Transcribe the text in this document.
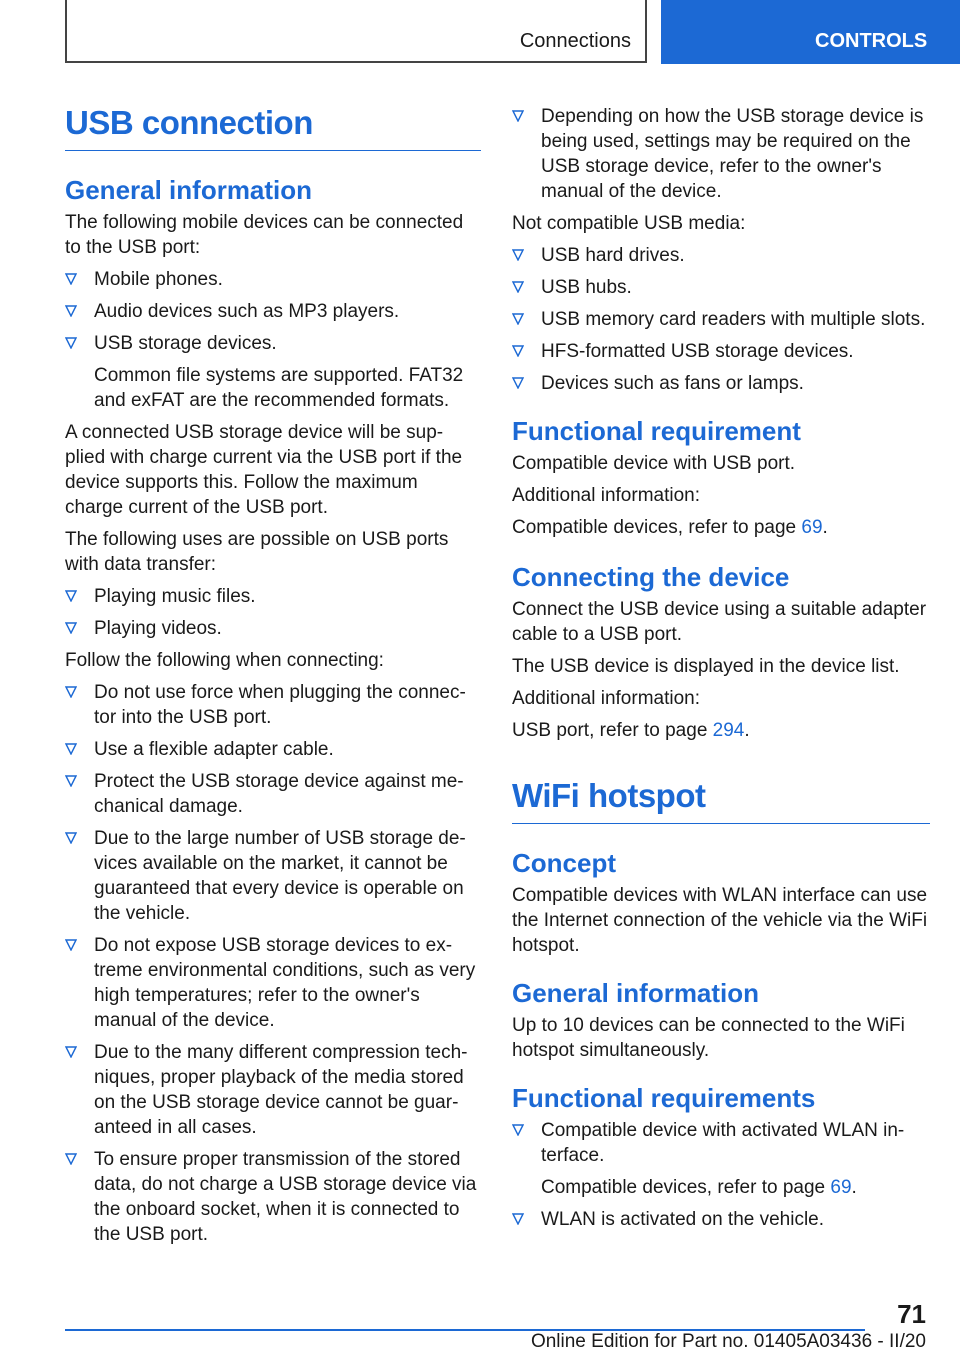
Connections	CONTROLS
USB connection
General information

The following mobile devices can be connected to the USB port:

Mobile phones.
Audio devices such as MP3 players.
USB storage devices.
Common file systems are supported. FAT32 and exFAT are the recommended formats.

A connected USB storage device will be sup‐ plied with charge current via the USB port if the device supports this. Follow the maximum charge current of the USB port.

The following uses are possible on USB ports with data transfer:

Playing music files.
Playing videos.

Follow the following when connecting:

Do not use force when plugging the connec‐ tor into the USB port.
Use a flexible adapter cable.
Protect the USB storage device against me‐ chanical damage.
Due to the large number of USB storage de‐ vices available on the market, it cannot be guaranteed that every device is operable on the vehicle.
Do not expose USB storage devices to ex‐ treme environmental conditions, such as very high temperatures; refer to the owner's manual of the device.
Due to the many different compression tech‐ niques, proper playback of the media stored on the USB storage device cannot be guar‐ anteed in all cases.
To ensure proper transmission of the stored data, do not charge a USB storage device via the onboard socket, when it is connected to the USB port.
Depending on how the USB storage device is being used, settings may be required on the USB storage device, refer to the owner's manual of the device.

Not compatible USB media:

USB hard drives.
USB hubs.
USB memory card readers with multiple slots.
HFS-formatted USB storage devices.
Devices such as fans or lamps.
Functional requirement

Compatible device with USB port.

Additional information:

Compatible devices, refer to page 69.

Connecting the device

Connect the USB device using a suitable adapter cable to a USB port.

The USB device is displayed in the device list.

Additional information:

USB port, refer to page 294.

WiFi hotspot
Concept

Compatible devices with WLAN interface can use the Internet connection of the vehicle via the WiFi hotspot.

General information

Up to 10 devices can be connected to the WiFi hotspot simultaneously.

Functional requirements
Compatible device with activated WLAN in‐ terface.
Compatible devices, refer to page 69.
WLAN is activated on the vehicle.
71
Online Edition for Part no. 01405A03436 - II/20
